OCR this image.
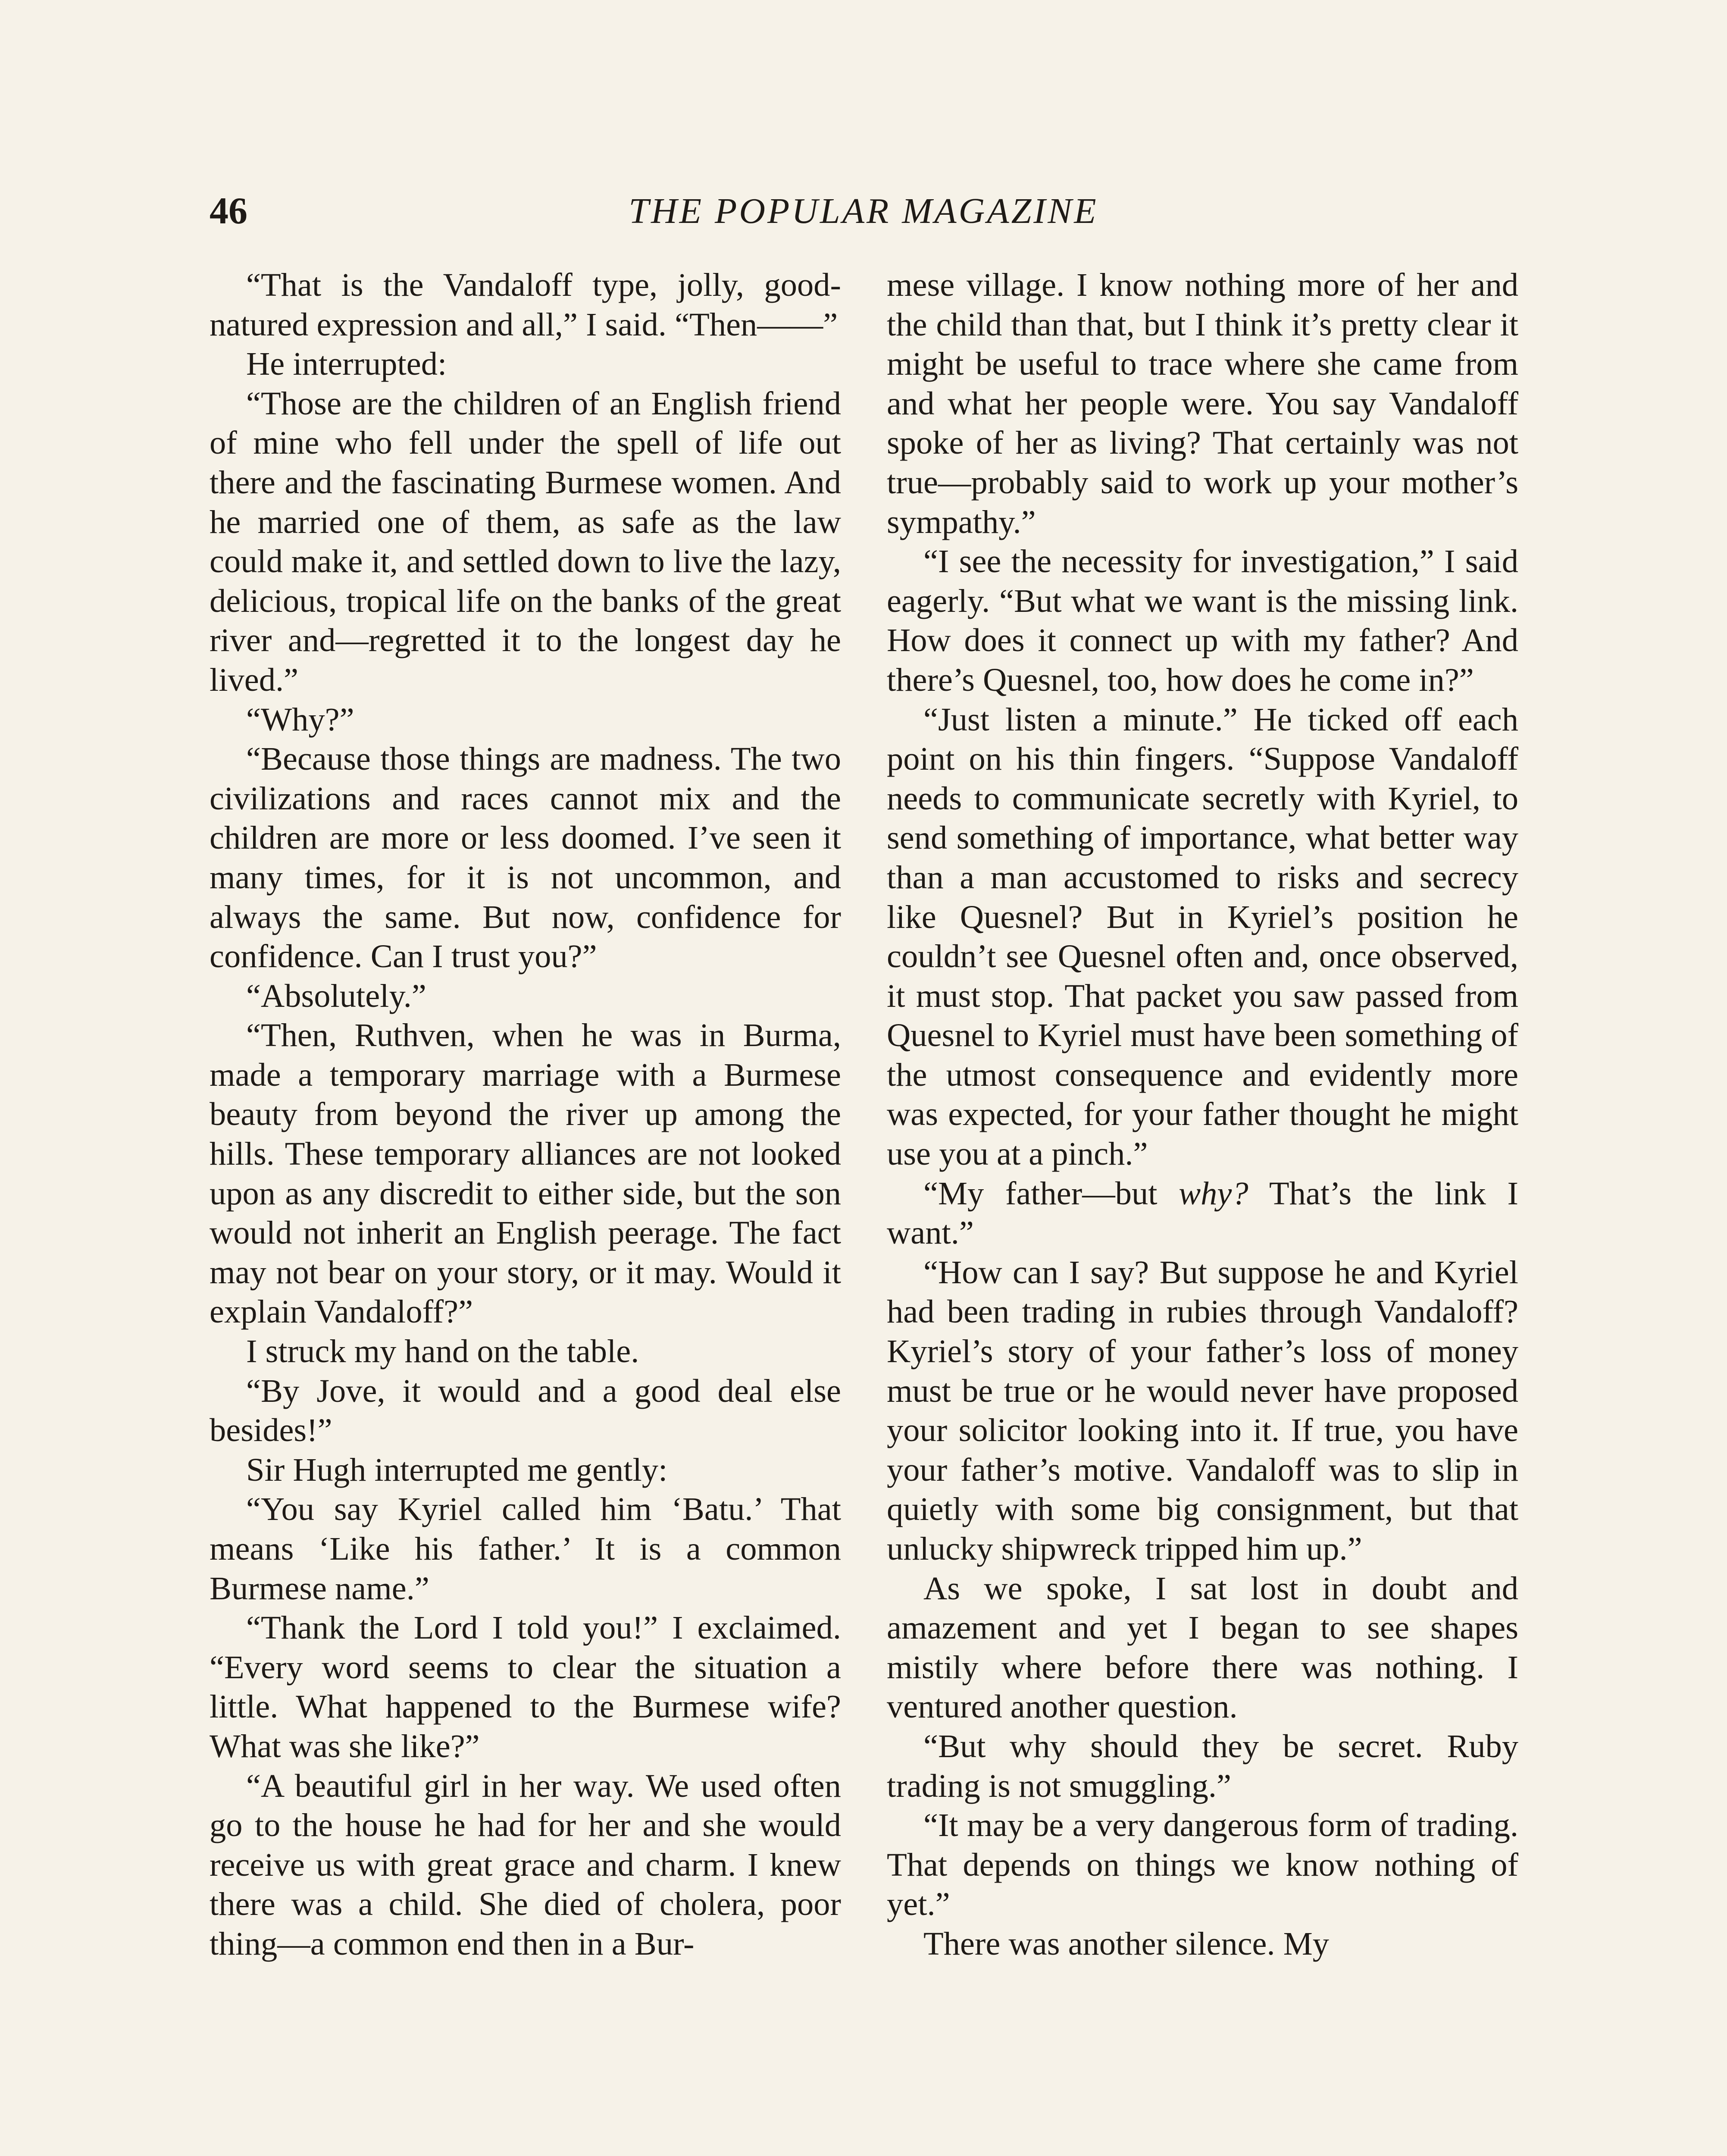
46	THE POPULAR MAGAZINE

“That is the Vandaloff type, jolly, good-natured expression and all,” I said. “Then——”

He interrupted:

“Those are the children of an English friend of mine who fell under the spell of life out there and the fascinating Burmese women. And he married one of them, as safe as the law could make it, and settled down to live the lazy, delicious, tropical life on the banks of the great river and—regretted it to the longest day he lived.”

“Why?”

“Because those things are madness. The two civilizations and races cannot mix and the children are more or less doomed. I’ve seen it many times, for it is not uncommon, and always the same. But now, confidence for confidence. Can I trust you?”

“Absolutely.”

“Then, Ruthven, when he was in Burma, made a temporary marriage with a Burmese beauty from beyond the river up among the hills. These temporary alliances are not looked upon as any discredit to either side, but the son would not inherit an English peerage. The fact may not bear on your story, or it may. Would it explain Vandaloff?”

I struck my hand on the table.

“By Jove, it would and a good deal else besides!”

Sir Hugh interrupted me gently:

“You say Kyriel called him ‘Batu.’ That means ‘Like his father.’ It is a common Burmese name.”

“Thank the Lord I told you!” I exclaimed. “Every word seems to clear the situation a little. What happened to the Burmese wife? What was she like?”

“A beautiful girl in her way. We used often go to the house he had for her and she would receive us with great grace and charm. I knew there was a child. She died of cholera, poor thing—a common end then in a Bur-

mese village. I know nothing more of her and the child than that, but I think it’s pretty clear it might be useful to trace where she came from and what her people were. You say Vandaloff spoke of her as living? That certainly was not true—probably said to work up your mother’s sympathy.”

“I see the necessity for investigation,” I said eagerly. “But what we want is the missing link. How does it connect up with my father? And there’s Quesnel, too, how does he come in?”

“Just listen a minute.” He ticked off each point on his thin fingers. “Suppose Vandaloff needs to communicate secretly with Kyriel, to send something of importance, what better way than a man accustomed to risks and secrecy like Quesnel? But in Kyriel’s position he couldn’t see Quesnel often and, once observed, it must stop. That packet you saw passed from Quesnel to Kyriel must have been something of the utmost consequence and evidently more was expected, for your father thought he might use you at a pinch.”

“My father—but why? That’s the link I want.”

“How can I say? But suppose he and Kyriel had been trading in rubies through Vandaloff? Kyriel’s story of your father’s loss of money must be true or he would never have proposed your solicitor looking into it. If true, you have your father’s motive. Vandaloff was to slip in quietly with some big consignment, but that unlucky shipwreck tripped him up.”

As we spoke, I sat lost in doubt and amazement and yet I began to see shapes mistily where before there was nothing. I ventured another question.

“But why should they be secret. Ruby trading is not smuggling.”

“It may be a very dangerous form of trading. That depends on things we know nothing of yet.”

There was another silence. My
